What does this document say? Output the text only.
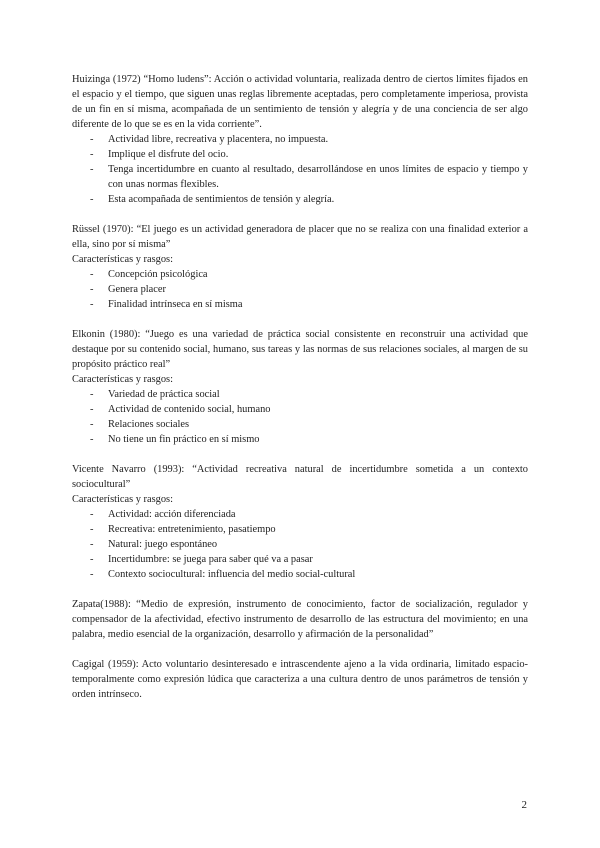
Huizinga (1972) “Homo ludens”: Acción o actividad voluntaria, realizada dentro de ciertos límites fijados en el espacio y el tiempo, que siguen unas reglas libremente aceptadas, pero completamente imperiosa, provista de un fin en sí misma, acompañada de un sentimiento de tensión y alegría y de una conciencia de ser algo diferente de lo que se es en la vida corriente”.

- Actividad libre, recreativa y placentera, no impuesta.
- Implique el disfrute del ocio.
- Tenga incertidumbre en cuanto al resultado, desarrollándose en unos límites de espacio y tiempo y con unas normas flexibles.
- Esta acompañada de sentimientos de tensión y alegría.

Rüssel (1970): “El juego es un actividad generadora de placer que no se realiza con una finalidad exterior a ella, sino por sí misma”

Características y rasgos:

- Concepción psicológica
- Genera placer
- Finalidad intrínseca en sí misma

Elkonin (1980): “Juego es una variedad de práctica social consistente en reconstruir una actividad que destaque por su contenido social, humano, sus tareas y las normas de sus relaciones sociales, al margen de su propósito práctico real”

Características y rasgos:

- Variedad de práctica social
- Actividad de contenido social, humano
- Relaciones sociales
- No tiene un fin práctico en sí mismo

Vicente Navarro (1993): “Actividad recreativa natural de incertidumbre sometida a un contexto sociocultural”

Características y rasgos:

- Actividad: acción diferenciada
- Recreativa: entretenimiento, pasatiempo
- Natural: juego espontáneo
- Incertidumbre: se juega para saber qué va a pasar
- Contexto sociocultural: influencia del medio social-cultural

Zapata(1988): “Medio de expresión, instrumento de conocimiento, factor de socialización, regulador y compensador de la afectividad, efectivo instrumento de desarrollo de las estructura del movimiento; en una palabra, medio esencial de la organización, desarrollo y afirmación de la personalidad”

Cagigal (1959): Acto voluntario desinteresado e intrascendente ajeno a la vida ordinaria, limitado espacio-temporalmente como expresión lúdica que caracteriza a una cultura dentro de unos parámetros de tensión y orden intrínseco.

2
